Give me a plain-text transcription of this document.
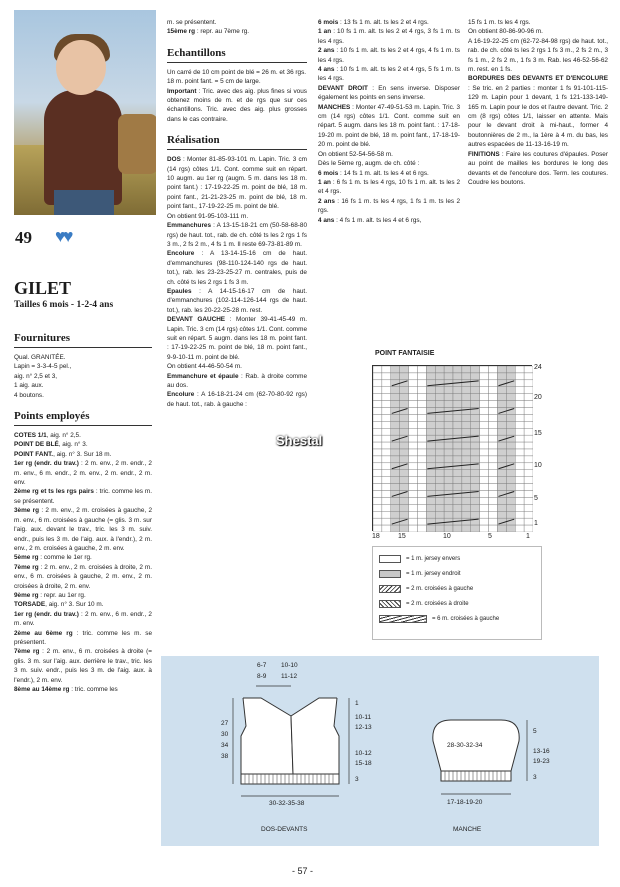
49 ♥♥
GILET
Tailles 6 mois - 1-2-4 ans
Fournitures

Qual. GRANITÉE.

Lapin = 3-3-4-5 pel.,

aig. n° 2,5 et 3,

1 aig. aux.

4 boutons.

Points employés

COTES 1/1, aig. n° 2,5.

POINT DE BLÉ, aig. n° 3.

POINT FANT., aig. n° 3. Sur 18 m.

1er rg (endr. du trav.) : 2 m. env., 2 m. endr., 2 m. env., 6 m. endr., 2 m. env., 2 m. endr., 2 m. env.

2ème rg et ts les rgs pairs : tric. comme les m. se présentent.

3ème rg : 2 m. env., 2 m. croisées à gauche, 2 m. env., 6 m. croisées à gauche (= glis. 3 m. sur l'aig. aux. devant le trav., tric. les 3 m. suiv. endr., puis les 3 m. de l'aig. aux. à l'endr.), 2 m. env., 2 m. croisées à gauche, 2 m. env.

5ème rg : comme le 1er rg.

7ème rg : 2 m. env., 2 m. croisées à droite, 2 m. env., 6 m. croisées à gauche, 2 m. env., 2 m. croisées à droite, 2 m. env.

9ème rg : repr. au 1er rg.

TORSADE, aig. n° 3. Sur 10 m.

1er rg (endr. du trav.) : 2 m. env., 6 m. endr., 2 m. env.

2ème au 6ème rg : tric. comme les m. se présentent.

7ème rg : 2 m. env., 6 m. croisées à droite (= glis. 3 m. sur l'aig. aux. derrière le trav., tric. les 3 m. suiv. endr., puis les 3 m. de l'aig. aux. à l'endr.), 2 m. env.

8ème au 14ème rg : tric. comme les

m. se présentent.

15ème rg : repr. au 7ème rg.

Echantillons

Un carré de 10 cm point de blé = 26 m. et 36 rgs.

18 m. point fant. = 5 cm de large.

Important : Tric. avec des aig. plus fines si vous obtenez moins de m. et de rgs que sur ces échantillons. Tric. avec des aig. plus grosses dans le cas contraire.

Réalisation

DOS : Monter 81-85-93-101 m. Lapin. Tric. 3 cm (14 rgs) côtes 1/1. Cont. comme suit en répart. 10 augm. au 1er rg (augm. 5 m. dans les 18 m. point fant.) : 17-19-22-25 m. point de blé, 18 m. point fant., 21-21-23-25 m. point de blé, 18 m. point fant., 17-19-22-25 m. point de blé.

On obtient 91-95-103-111 m.

Emmanchures : A 13-15-18-21 cm (50-58-68-80 rgs) de haut. tot., rab. de ch. côté ts les 2 rgs 1 fs 3 m., 2 fs 2 m., 4 fs 1 m. Il reste 69-73-81-89 m.

Encolure : A 13-14-15-16 cm de haut. d'emmanchures (98-110-124-140 rgs de haut. tot.), rab. les 23-23-25-27 m. centrales, puis de ch. côté ts les 2 rgs 1 fs 3 m.

Epaules : A 14-15-16-17 cm de haut. d'emmanchures (102-114-126-144 rgs de haut. tot.), rab. les 20-22-25-28 m. rest.

DEVANT GAUCHE : Monter 39-41-45-49 m. Lapin. Tric. 3 cm (14 rgs) côtes 1/1. Cont. comme suit en répart. 5 augm. dans les 18 m. point fant. : 17-19-22-25 m. point de blé, 18 m. point fant., 9-9-10-11 m. point de blé.

On obtient 44-46-50-54 m.

Emmanchure et épaule : Rab. à droite comme au dos.

Encolure : A 16-18-21-24 cm (62-70-80-92 rgs) de haut. tot., rab. à gauche :

6 mois : 13 fs 1 m. alt. ts les 2 et 4 rgs.

1 an : 10 fs 1 m. alt. ts les 2 et 4 rgs, 3 fs 1 m. ts les 4 rgs.

2 ans : 10 fs 1 m. alt. ts les 2 et 4 rgs, 4 fs 1 m. ts les 4 rgs.

4 ans : 10 fs 1 m. alt. ts les 2 et 4 rgs, 5 fs 1 m. ts les 4 rgs.

DEVANT DROIT : En sens inverse. Disposer également les points en sens inverse.

MANCHES : Monter 47-49-51-53 m. Lapin. Tric. 3 cm (14 rgs) côtes 1/1. Cont. comme suit en répart. 5 augm. dans les 18 m. point fant. : 17-18-19-20 m. point de blé, 18 m. point fant., 17-18-19-20 m. point de blé.

On obtient 52-54-56-58 m.

Dès le 5ème rg, augm. de ch. côté :

6 mois : 14 fs 1 m. alt. ts les 4 et 6 rgs.

1 an : 6 fs 1 m. ts les 4 rgs, 10 fs 1 m. alt. ts les 2 et 4 rgs.

2 ans : 16 fs 1 m. ts les 4 rgs, 1 fs 1 m. ts les 2 rgs.

4 ans : 4 fs 1 m. alt. ts les 4 et 6 rgs,

15 fs 1 m. ts les 4 rgs.

On obtient 80-86-90-96 m.

A 16-19-22-25 cm (62-72-84-98 rgs) de haut. tot., rab. de ch. côté ts les 2 rgs 1 fs 3 m., 2 fs 2 m., 3 fs 1 m., 2 fs 2 m., 1 fs 3 m. Rab. les 46-52-56-62 m. rest. en 1 fs.

BORDURES DES DEVANTS ET D'ENCOLURE : Se tric. en 2 parties : monter 1 fs 91-101-115-129 m. Lapin pour 1 devant, 1 fs 121-133-149-165 m. Lapin pour le dos et l'autre devant. Tric. 2 cm (8 rgs) côtes 1/1, laisser en attente. Mais pour le devant droit à mi-haut., former 4 boutonnières de 2 m., la 1ère à 4 m. du bas, les autres espacées de 11-13-16-19 m.

FINITIONS : Faire les coutures d'épaules. Poser au point de mailles les bordures le long des devants et de l'encolure dos. Term. les coutures. Coudre les boutons.

POINT FANTAISIE
24
20
15
10
5
1
18	15	10	5	1
Shestal
= 1 m. jersey envers
= 1 m. jersey endroit
= 2 m. croisées à gauche
= 2 m. croisées à droite
= 6 m. croisées à gauche
6-7
8-9
10-10
11-12
27
30
34
38
1
10-11
12-13
10-12
15-18
3
30-32-35-38
DOS-DEVANTS
28-30-32-34
5
13-16
19-23
3
17-18-19-20
MANCHE
- 57 -
